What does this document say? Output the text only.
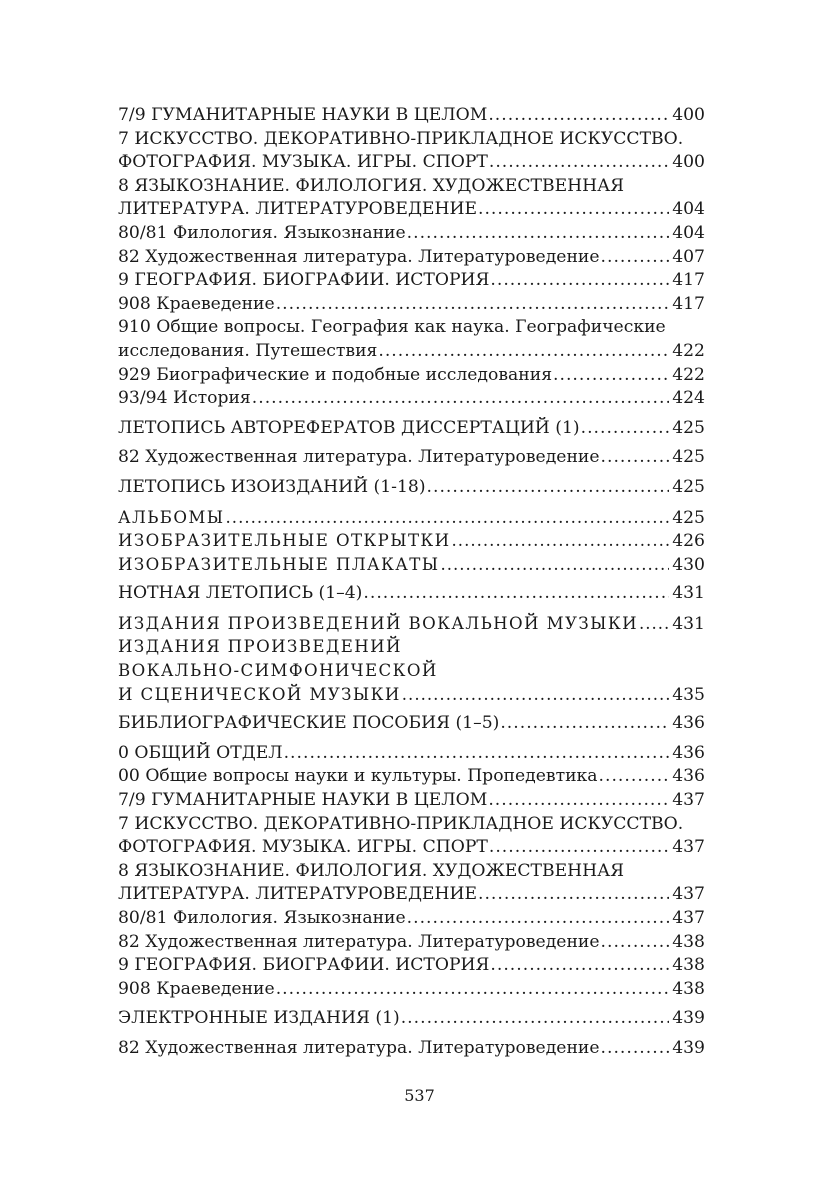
7/9 ГУМАНИТАРНЫЕ НАУКИ В ЦЕЛОМ .....	400
7 ИСКУССТВО. ДЕКОРАТИВНО-ПРИКЛАДНОЕ ИСКУССТВО.
ФОТОГРАФИЯ. МУЗЫКА. ИГРЫ. СПОРТ .....	400
8 ЯЗЫКОЗНАНИЕ. ФИЛОЛОГИЯ. ХУДОЖЕСТВЕННАЯ
ЛИТЕРАТУРА. ЛИТЕРАТУРОВЕДЕНИЕ .....	404
80/81 Филология. Языкознание .....	404
82 Художественная литература. Литературоведение .....	407
9 ГЕОГРАФИЯ. БИОГРАФИИ. ИСТОРИЯ .....	417
908 Краеведение .....	417
910 Общие вопросы. География как наука. Географические
исследования. Путешествия .....	422
929 Биографические и подобные исследования .....	422
93/94 История .....	424
ЛЕТОПИСЬ АВТОРЕФЕРАТОВ ДИССЕРТАЦИЙ (1) .....	425
82 Художественная литература. Литературоведение .....	425
ЛЕТОПИСЬ ИЗОИЗДАНИЙ (1-18) .....	425
АЛЬБОМЫ .....	425
ИЗОБРАЗИТЕЛЬНЫЕ ОТКРЫТКИ .....	426
ИЗОБРАЗИТЕЛЬНЫЕ ПЛАКАТЫ .....	430
НОТНАЯ ЛЕТОПИСЬ (1–4) .....	431
ИЗДАНИЯ ПРОИЗВЕДЕНИЙ ВОКАЛЬНОЙ МУЗЫКИ ..... 431
ИЗДАНИЯ ПРОИЗВЕДЕНИЙ
ВОКАЛЬНО-СИМФОНИЧЕСКОЙ
И СЦЕНИЧЕСКОЙ МУЗЫКИ .....	435
БИБЛИОГРАФИЧЕСКИЕ ПОСОБИЯ (1–5) .....	436
0 ОБЩИЙ ОТДЕЛ .....	436
00 Общие вопросы науки и культуры. Пропедевтика .....	436
7/9 ГУМАНИТАРНЫЕ НАУКИ В ЦЕЛОМ .....	437
7 ИСКУССТВО. ДЕКОРАТИВНО-ПРИКЛАДНОЕ ИСКУССТВО.
ФОТОГРАФИЯ. МУЗЫКА. ИГРЫ. СПОРТ .....	437
8 ЯЗЫКОЗНАНИЕ. ФИЛОЛОГИЯ. ХУДОЖЕСТВЕННАЯ
ЛИТЕРАТУРА. ЛИТЕРАТУРОВЕДЕНИЕ .....	437
80/81 Филология. Языкознание .....	437
82 Художественная литература. Литературоведение .....	438
9 ГЕОГРАФИЯ. БИОГРАФИИ. ИСТОРИЯ .....	438
908 Краеведение .....	438
ЭЛЕКТРОННЫЕ ИЗДАНИЯ (1) .....	439
82 Художественная литература. Литературоведение .....	439
537
